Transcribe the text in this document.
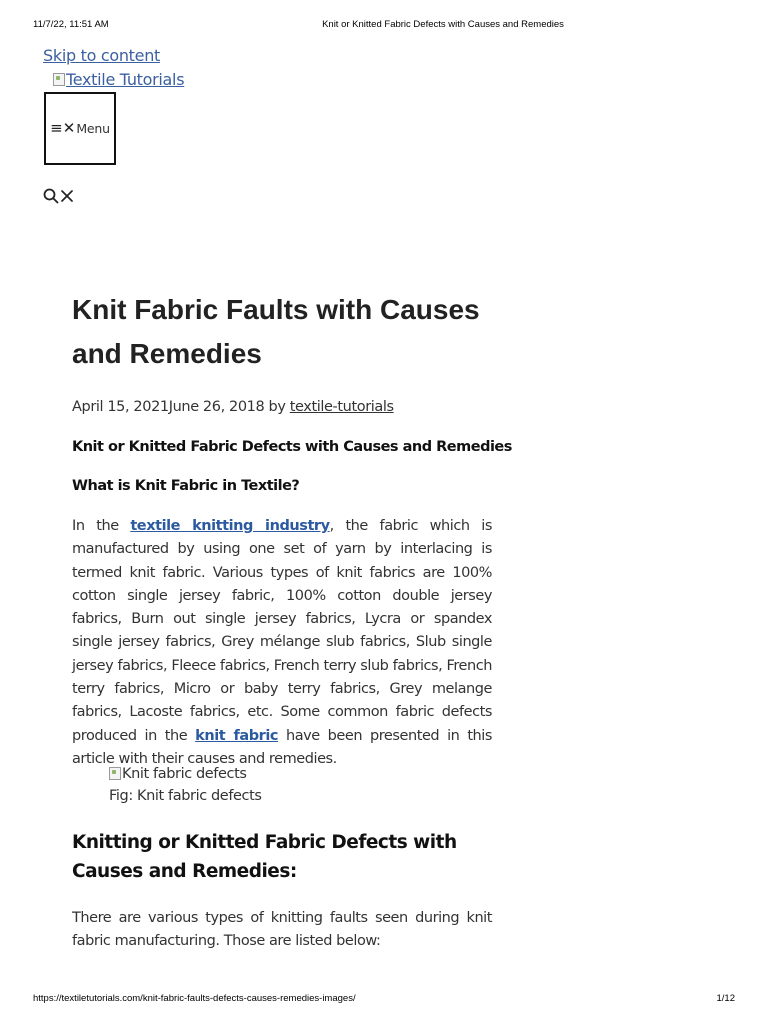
11/7/22, 11:51 AM	Knit or Knitted Fabric Defects with Causes and Remedies
Skip to content
Textile Tutorials
≡ ✕ Menu
Knit Fabric Faults with Causes and Remedies
April 15, 2021June 26, 2018 by textile-tutorials
Knit or Knitted Fabric Defects with Causes and Remedies
What is Knit Fabric in Textile?

In the textile knitting industry, the fabric which is manufactured by using one set of yarn by interlacing is termed knit fabric. Various types of knit fabrics are 100% cotton single jersey fabric, 100% cotton double jersey fabrics, Burn out single jersey fabrics, Lycra or spandex single jersey fabrics, Grey mélange slub fabrics, Slub single jersey fabrics, Fleece fabrics, French terry slub fabrics, French terry fabrics, Micro or baby terry fabrics, Grey melange fabrics, Lacoste fabrics, etc. Some common fabric defects produced in the knit fabric have been presented in this article with their causes and remedies.

Knit fabric defects
Fig: Knit fabric defects
Knitting or Knitted Fabric Defects with Causes and Remedies:

There are various types of knitting faults seen during knit fabric manufacturing. Those are listed below:

https://textiletutorials.com/knit-fabric-faults-defects-causes-remedies-images/	1/12
